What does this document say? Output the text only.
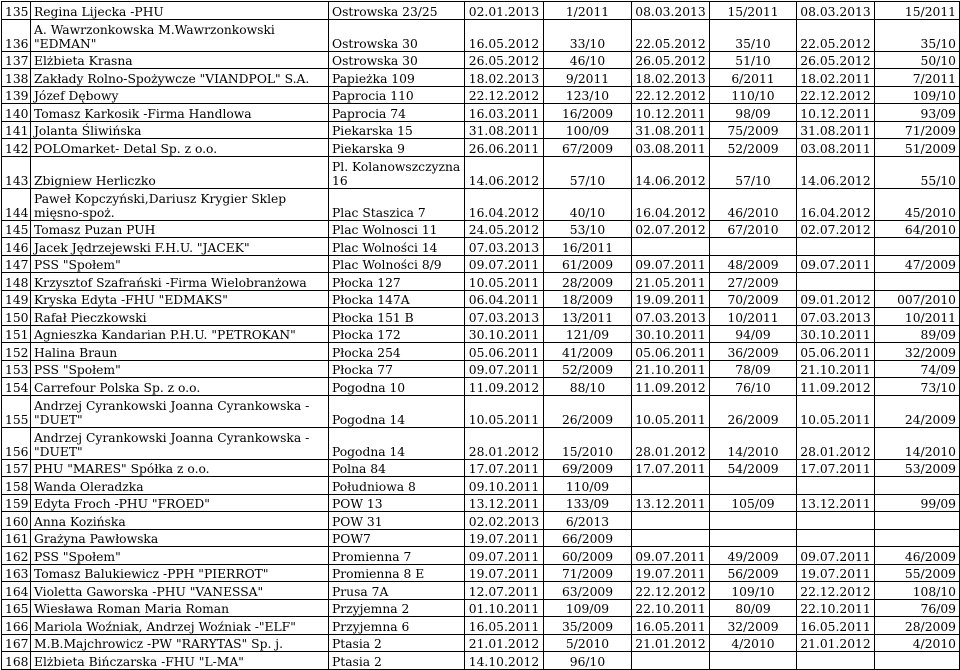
135	Regina Lijecka -PHU	Ostrowska 23/25	02.01.2013	1/2011	08.03.2013	15/2011	08.03.2013	15/2011
136	A. Wawrzonkowska M.Wawrzonkowski "EDMAN"	Ostrowska 30	16.05.2012	33/10	22.05.2012	35/10	22.05.2012	35/10
137	Elżbieta Krasna	Ostrowska 30	26.05.2012	46/10	26.05.2012	51/10	26.05.2012	50/10
138	Zakłady Rolno-Spożywcze "VIANDPOL" S.A.	Papieżka 109	18.02.2013	9/2011	18.02.2013	6/2011	18.02.2011	7/2011
139	Józef Dębowy	Paprocia 110	22.12.2012	123/10	22.12.2012	110/10	22.12.2012	109/10
140	Tomasz Karkosik -Firma Handlowa	Paprocia 74	16.03.2011	16/2009	10.12.2011	98/09	10.12.2011	93/09
141	Jolanta Śliwińska	Piekarska 15	31.08.2011	100/09	31.08.2011	75/2009	31.08.2011	71/2009
142	POLOmarket- Detal Sp. z o.o.	Piekarska 9	26.06.2011	67/2009	03.08.2011	52/2009	03.08.2011	51/2009
143	Zbigniew Herliczko	Pl. Kolanowszczyzna 16	14.06.2012	57/10	14.06.2012	57/10	14.06.2012	55/10
144	Paweł Kopczyński,Dariusz Krygier Sklep mięsno-spoż.	Plac Staszica 7	16.04.2012	40/10	16.04.2012	46/2010	16.04.2012	45/2010
145	Tomasz Puzan PUH	Plac Wolnosci 11	24.05.2012	53/10	02.07.2012	67/2010	02.07.2012	64/2010
146	Jacek Jędrzejewski F.H.U. "JACEK"	Plac Wolności 14	07.03.2013	16/2011				
147	PSS "Społem"	Plac Wolności 8/9	09.07.2011	61/2009	09.07.2011	48/2009	09.07.2011	47/2009
148	Krzysztof Szafrański -Firma Wielobranżowa	Płocka 127	10.05.2011	28/2009	21.05.2011	27/2009		
149	Kryska Edyta -FHU "EDMAKS"	Płocka 147A	06.04.2011	18/2009	19.09.2011	70/2009	09.01.2012	007/2010
150	Rafał Pieczkowski	Płocka 151 B	07.03.2013	13/2011	07.03.2013	10/2011	07.03.2013	10/2011
151	Agnieszka Kandarian P.H.U. "PETROKAN"	Płocka 172	30.10.2011	121/09	30.10.2011	94/09	30.10.2011	89/09
152	Halina Braun	Płocka 254	05.06.2011	41/2009	05.06.2011	36/2009	05.06.2011	32/2009
153	PSS "Społem"	Płocka 77	09.07.2011	52/2009	21.10.2011	78/09	21.10.2011	74/09
154	Carrefour Polska Sp. z o.o.	Pogodna 10	11.09.2012	88/10	11.09.2012	76/10	11.09.2012	73/10
155	Andrzej Cyrankowski Joanna Cyrankowska -"DUET"	Pogodna 14	10.05.2011	26/2009	10.05.2011	26/2009	10.05.2011	24/2009
156	Andrzej Cyrankowski Joanna Cyrankowska -"DUET"	Pogodna 14	28.01.2012	15/2010	28.01.2012	14/2010	28.01.2012	14/2010
157	PHU "MARES" Spółka z o.o.	Polna 84	17.07.2011	69/2009	17.07.2011	54/2009	17.07.2011	53/2009
158	Wanda Oleradzka	Południowa 8	09.10.2011	110/09				
159	Edyta Froch -PHU "FROED"	POW 13	13.12.2011	133/09	13.12.2011	105/09	13.12.2011	99/09
160	Anna Kozińska	POW 31	02.02.2013	6/2013				
161	Grażyna Pawłowska	POW7	19.07.2011	66/2009				
162	PSS "Społem"	Promienna 7	09.07.2011	60/2009	09.07.2011	49/2009	09.07.2011	46/2009
163	Tomasz Balukiewicz -PPH "PIERROT"	Promienna 8 E	19.07.2011	71/2009	19.07.2011	56/2009	19.07.2011	55/2009
164	Violetta Gaworska -PHU "VANESSA"	Prusa 7A	12.07.2011	63/2009	22.12.2012	109/10	22.12.2012	108/10
165	Wiesława Roman Maria Roman	Przyjemna 2	01.10.2011	109/09	22.10.2011	80/09	22.10.2011	76/09
166	Mariola Woźniak, Andrzej Woźniak -"ELF"	Przyjemna 6	16.05.2011	35/2009	16.05.2011	32/2009	16.05.2011	28/2009
167	M.B.Majchrowicz -PW "RARYTAS" Sp. j.	Ptasia 2	21.01.2012	5/2010	21.01.2012	4/2010	21.01.2012	4/2010
168	Elżbieta Bińczarska -FHU "L-MA"	Ptasia 2	14.10.2012	96/10				
